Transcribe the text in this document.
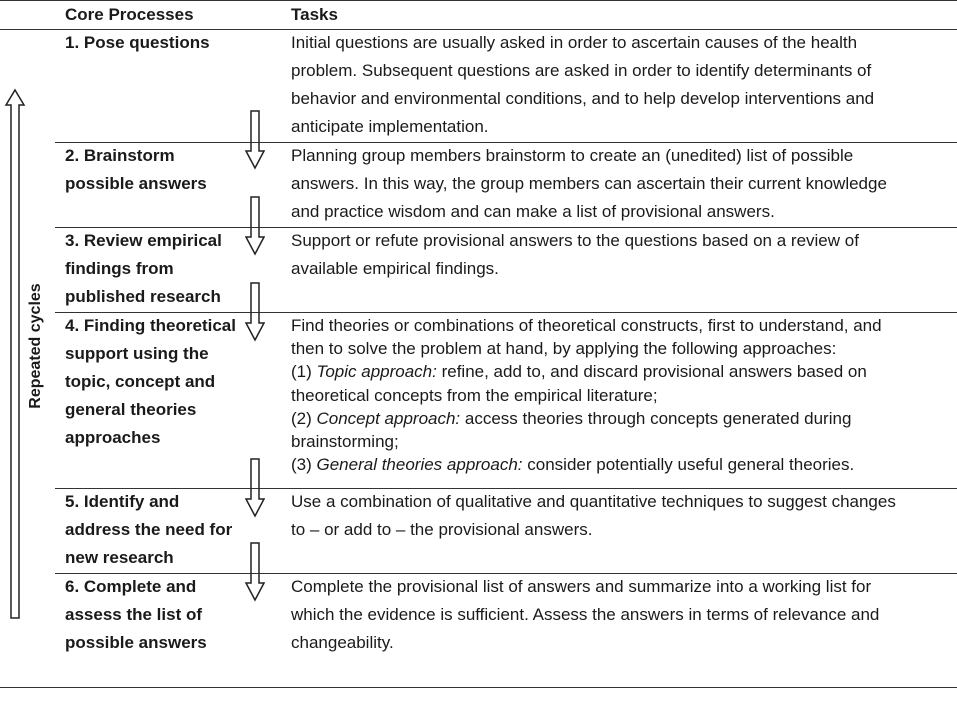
Core Processes	Tasks
Repeated cycles
1. Pose questions	Initial questions are usually asked in order to ascertain causes of the health
problem. Subsequent questions are asked in order to identify determinants of
behavior and environmental conditions, and to help develop interventions and
anticipate implementation.
2. Brainstorm
possible answers
Planning group members brainstorm to create an (unedited) list of possible
answers. In this way, the group members can ascertain their current knowledge
and practice wisdom and can make a list of provisional answers.
3. Review empirical
findings from
published research
Support or refute provisional answers to the questions based on a review of
available empirical findings.
4. Finding theoretical
support using the
topic, concept and
general theories
approaches
Find theories or combinations of theoretical constructs, first to understand, and
then to solve the problem at hand, by applying the following approaches:
(1) Topic approach: refine, add to, and discard provisional answers based on
theoretical concepts from the empirical literature;
(2) Concept approach: access theories through concepts generated during
brainstorming;
(3) General theories approach: consider potentially useful general theories.
5. Identify and
address the need for
new research
Use a combination of qualitative and quantitative techniques to suggest changes
to – or add to – the provisional answers.
6. Complete and
assess the list of
possible answers
Complete the provisional list of answers and summarize into a working list for
which the evidence is sufficient. Assess the answers in terms of relevance and
changeability.
